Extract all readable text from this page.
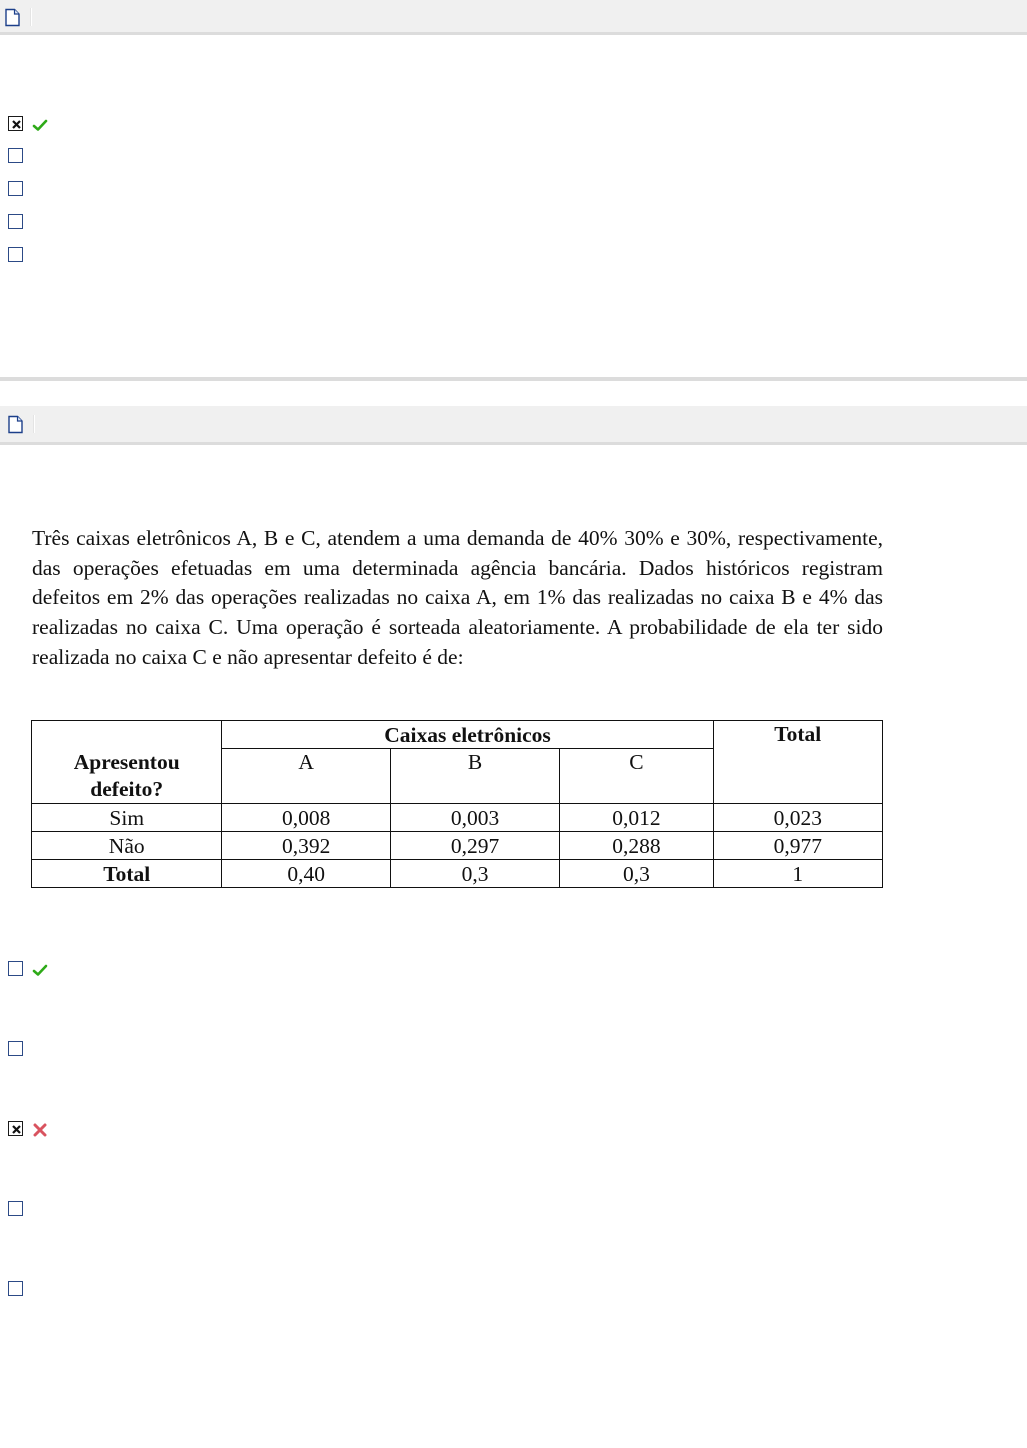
Três caixas eletrônicos A, B e C, atendem a uma demanda de 40% 30% e 30%, respectivamente, das operações efetuadas em uma determinada agência bancária. Dados históricos registram defeitos em 2% das operações realizadas no caixa A, em 1% das realizadas no caixa B e 4% das realizadas no caixa C. Uma operação é sorteada aleatoriamente. A probabilidade de ela ter sido realizada no caixa C e não apresentar defeito é de:
Apresentou defeito?	Caixas eletrônicos			Total
	A	B	C	
Sim	0,008	0,003	0,012	0,023
Não	0,392	0,297	0,288	0,977
Total	0,40	0,3	0,3	1
